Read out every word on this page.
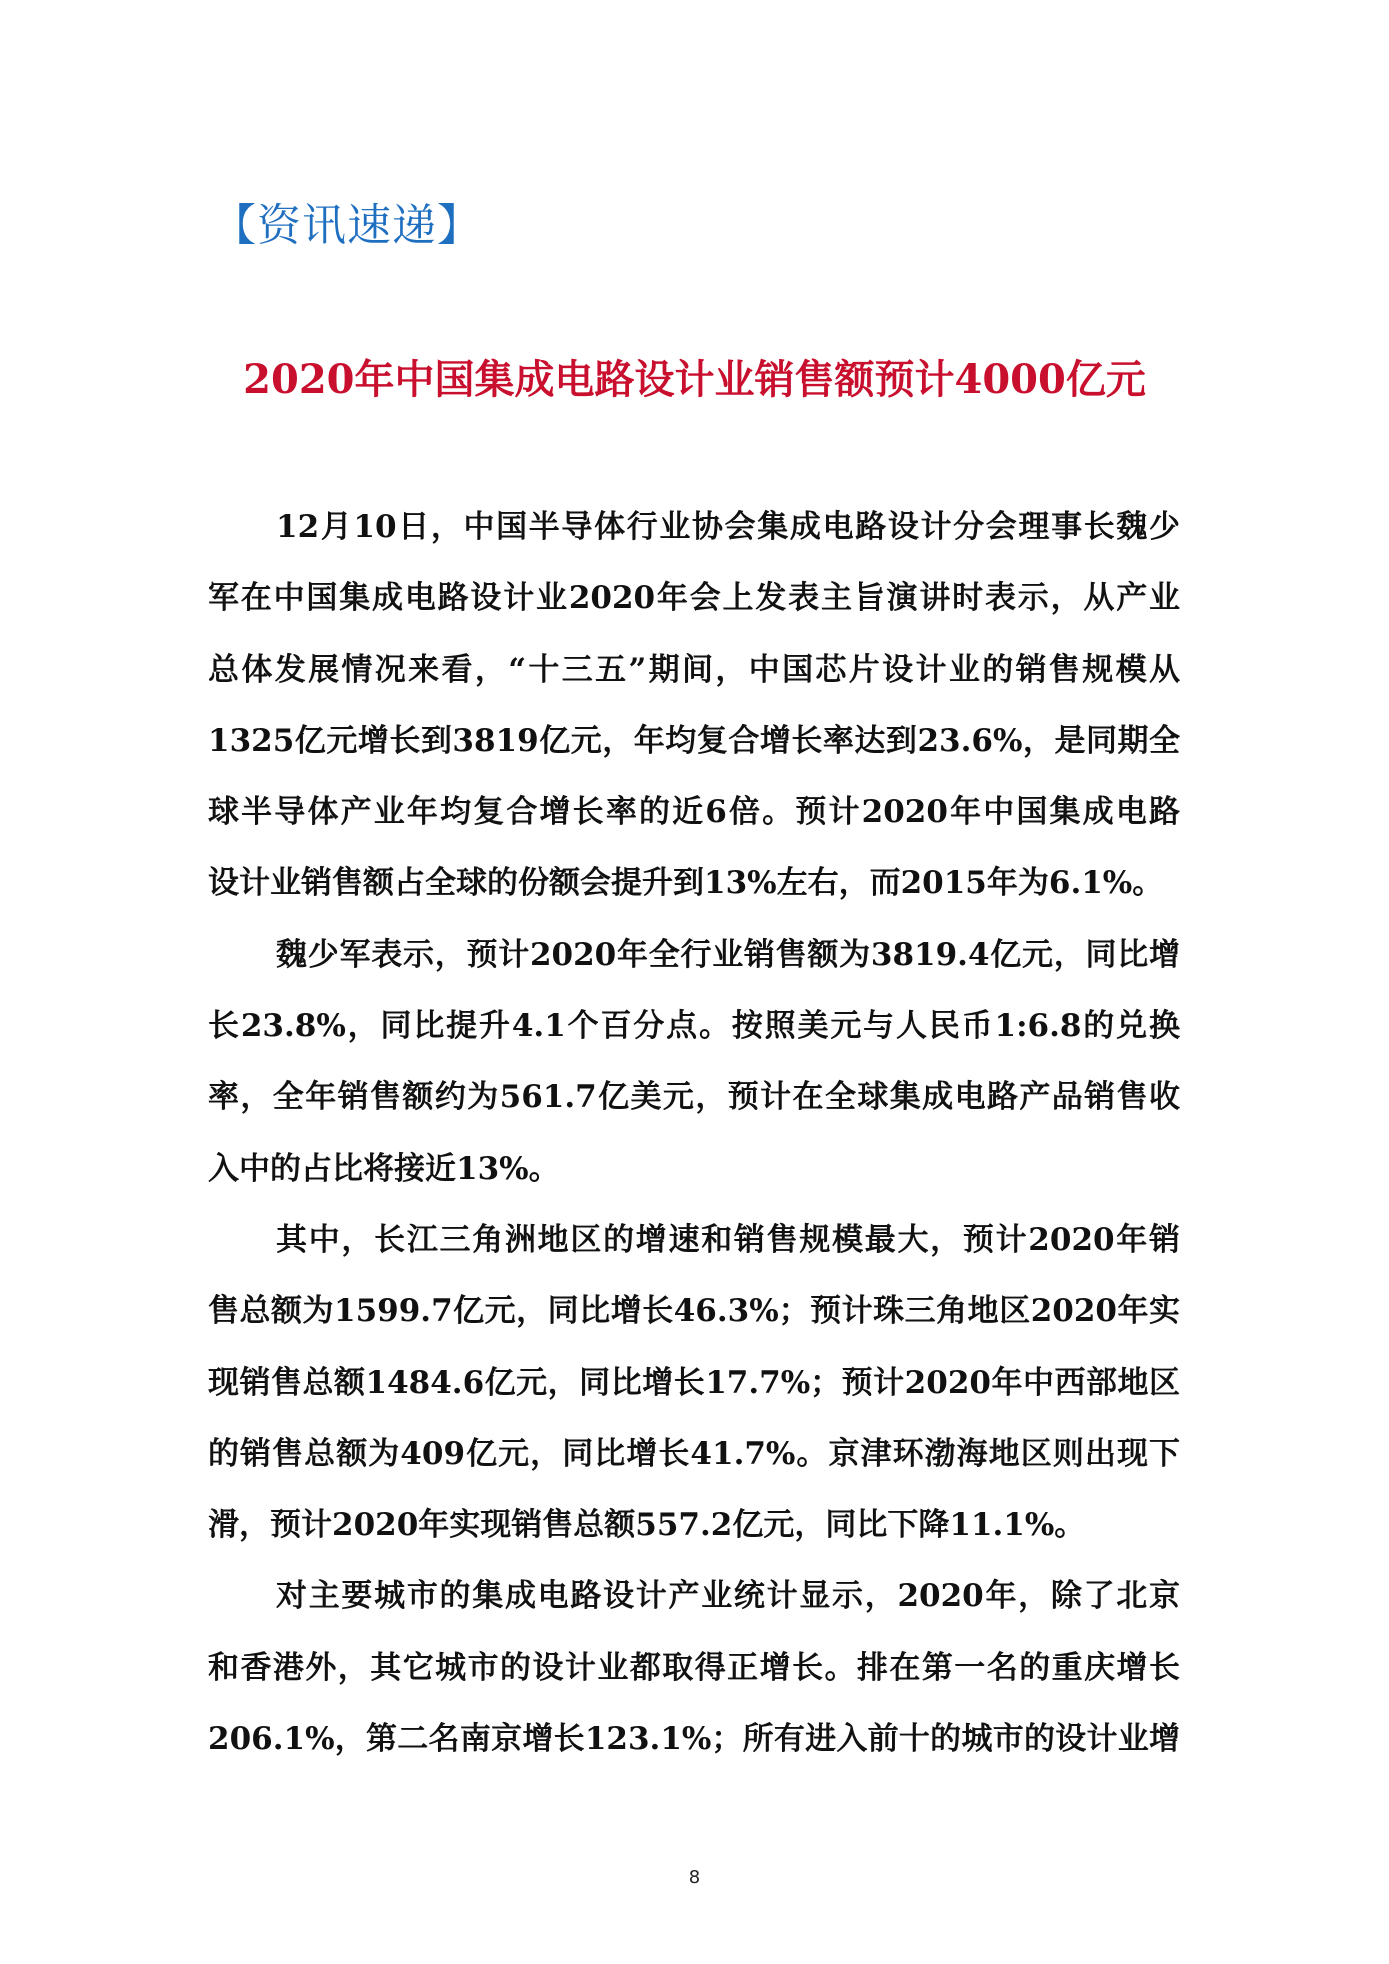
【资讯速递】
2020年中国集成电路设计业销售额预计4000亿元
12月10日，中国半导体行业协会集成电路设计分会理事长魏少
军在中国集成电路设计业2020年会上发表主旨演讲时表示，从产业
总体发展情况来看，“十三五”期间，中国芯片设计业的销售规模从
1325亿元增长到3819亿元，年均复合增长率达到23.6%，是同期全
球半导体产业年均复合增长率的近6倍。预计2020年中国集成电路
设计业销售额占全球的份额会提升到13%左右，而2015年为6.1%。
魏少军表示，预计2020年全行业销售额为3819.4亿元，同比增
长23.8%，同比提升4.1个百分点。按照美元与人民币1:6.8的兑换
率，全年销售额约为561.7亿美元，预计在全球集成电路产品销售收
入中的占比将接近13%。
其中，长江三角洲地区的增速和销售规模最大，预计2020年销
售总额为1599.7亿元，同比增长46.3%；预计珠三角地区2020年实
现销售总额1484.6亿元，同比增长17.7%；预计2020年中西部地区
的销售总额为409亿元，同比增长41.7%。京津环渤海地区则出现下
滑，预计2020年实现销售总额557.2亿元，同比下降11.1%。
对主要城市的集成电路设计产业统计显示，2020年，除了北京
和香港外，其它城市的设计业都取得正增长。排在第一名的重庆增长
206.1%，第二名南京增长123.1%；所有进入前十的城市的设计业增
8
